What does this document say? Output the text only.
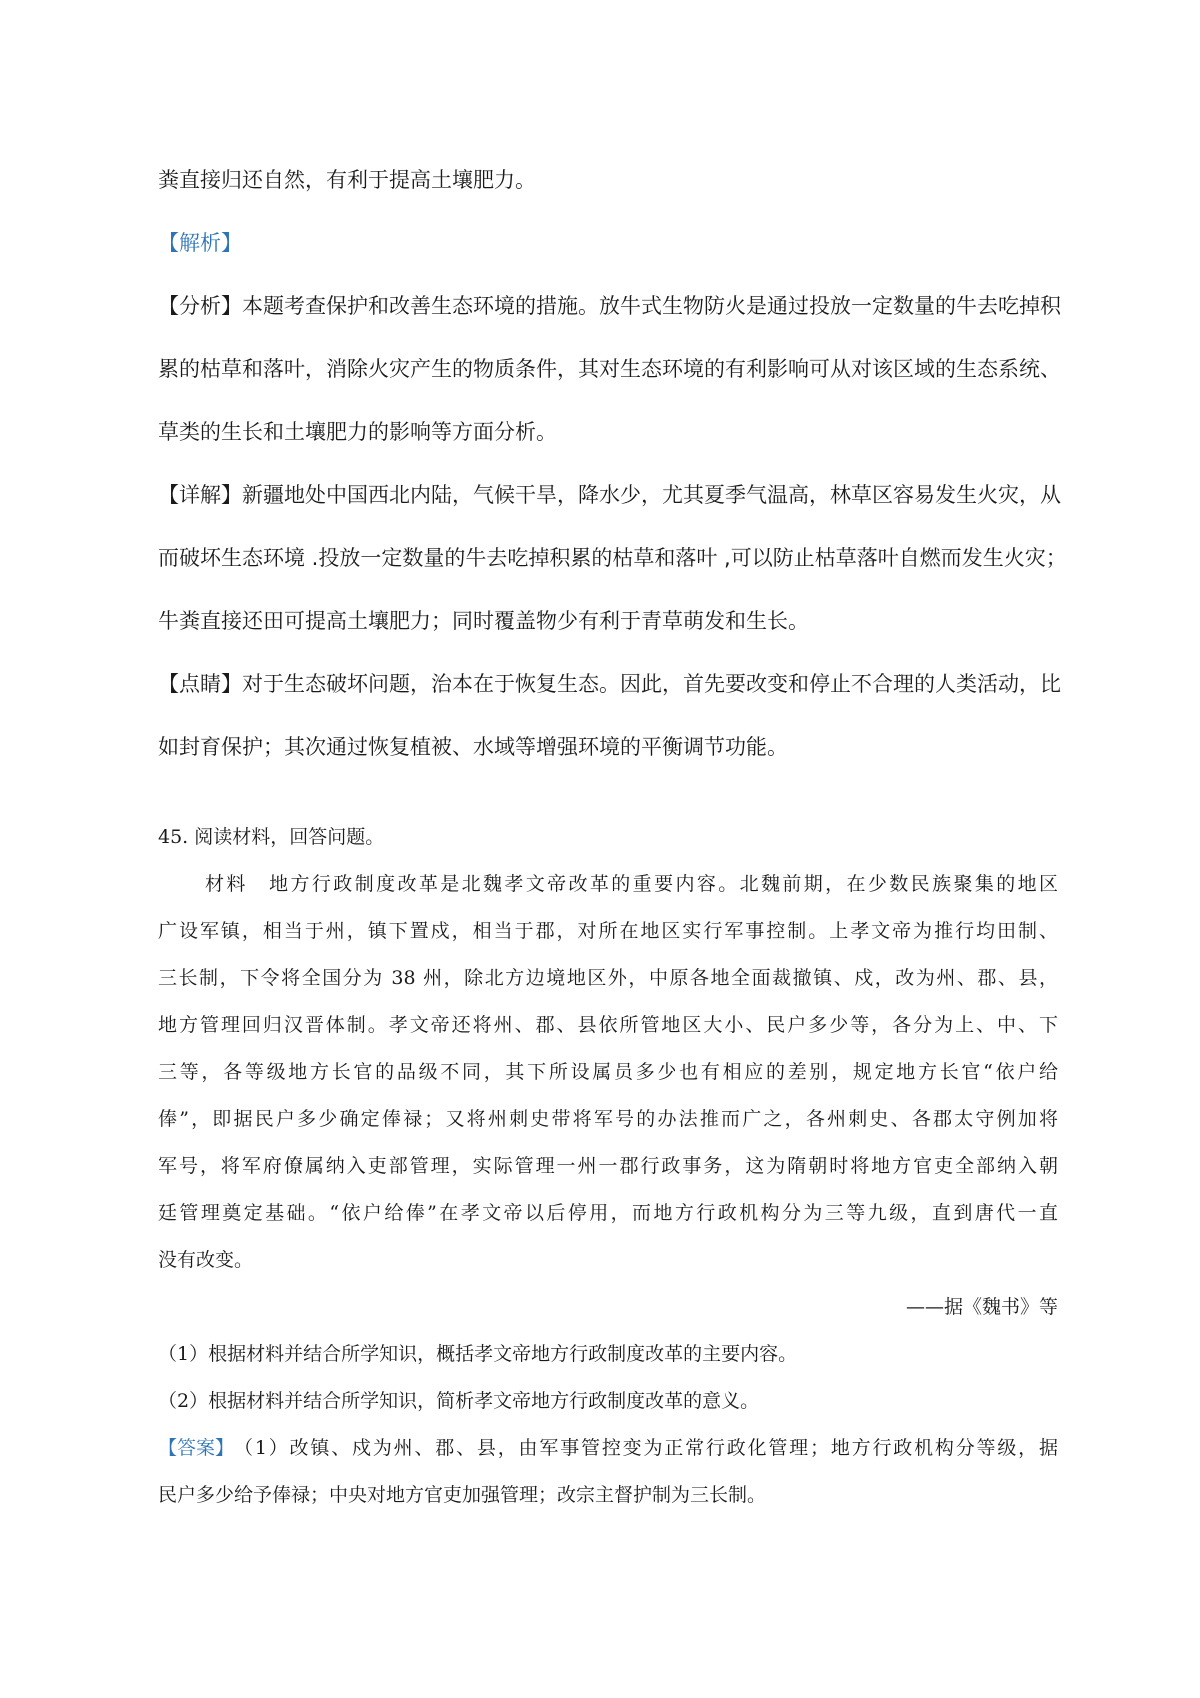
粪直接归还自然，有利于提高土壤肥力。
【解析】
【分析】本题考查保护和改善生态环境的措施。放牛式生物防火是通过投放一定数量的牛去吃掉积
累的枯草和落叶，消除火灾产生的物质条件，其对生态环境的有利影响可从对该区域的生态系统、
草类的生长和土壤肥力的影响等方面分析。
【详解】新疆地处中国西北内陆，气候干旱，降水少，尤其夏季气温高，林草区容易发生火灾，从
而破坏生态环境 .投放一定数量的牛去吃掉积累的枯草和落叶 ,可以防止枯草落叶自燃而发生火灾；
牛粪直接还田可提高土壤肥力；同时覆盖物少有利于青草萌发和生长。
【点睛】对于生态破坏问题，治本在于恢复生态。因此，首先要改变和停止不合理的人类活动，比
如封育保护；其次通过恢复植被、水域等增强环境的平衡调节功能。
45. 阅读材料，回答问题。
材料　地方行政制度改革是北魏孝文帝改革的重要内容。北魏前期，在少数民族聚集的地区
广设军镇，相当于州，镇下置戍，相当于郡，对所在地区实行军事控制。上孝文帝为推行均田制、
三长制，下令将全国分为 38 州，除北方边境地区外，中原各地全面裁撤镇、戍，改为州、郡、县，
地方管理回归汉晋体制。孝文帝还将州、郡、县依所管地区大小、民户多少等，各分为上、中、下
三等，各等级地方长官的品级不同，其下所设属员多少也有相应的差别，规定地方长官“依户给
俸”，即据民户多少确定俸禄；又将州刺史带将军号的办法推而广之，各州刺史、各郡太守例加将
军号，将军府僚属纳入吏部管理，实际管理一州一郡行政事务，这为隋朝时将地方官吏全部纳入朝
廷管理奠定基础。“依户给俸”在孝文帝以后停用，而地方行政机构分为三等九级，直到唐代一直
没有改变。
——据《魏书》等
（1）根据材料并结合所学知识，概括孝文帝地方行政制度改革的主要内容。
（2）根据材料并结合所学知识，简析孝文帝地方行政制度改革的意义。
【答案】 （1）改镇、戍为州、郡、县，由军事管控变为正常行政化管理；地方行政机构分等级，据
民户多少给予俸禄；中央对地方官吏加强管理；改宗主督护制为三长制。
